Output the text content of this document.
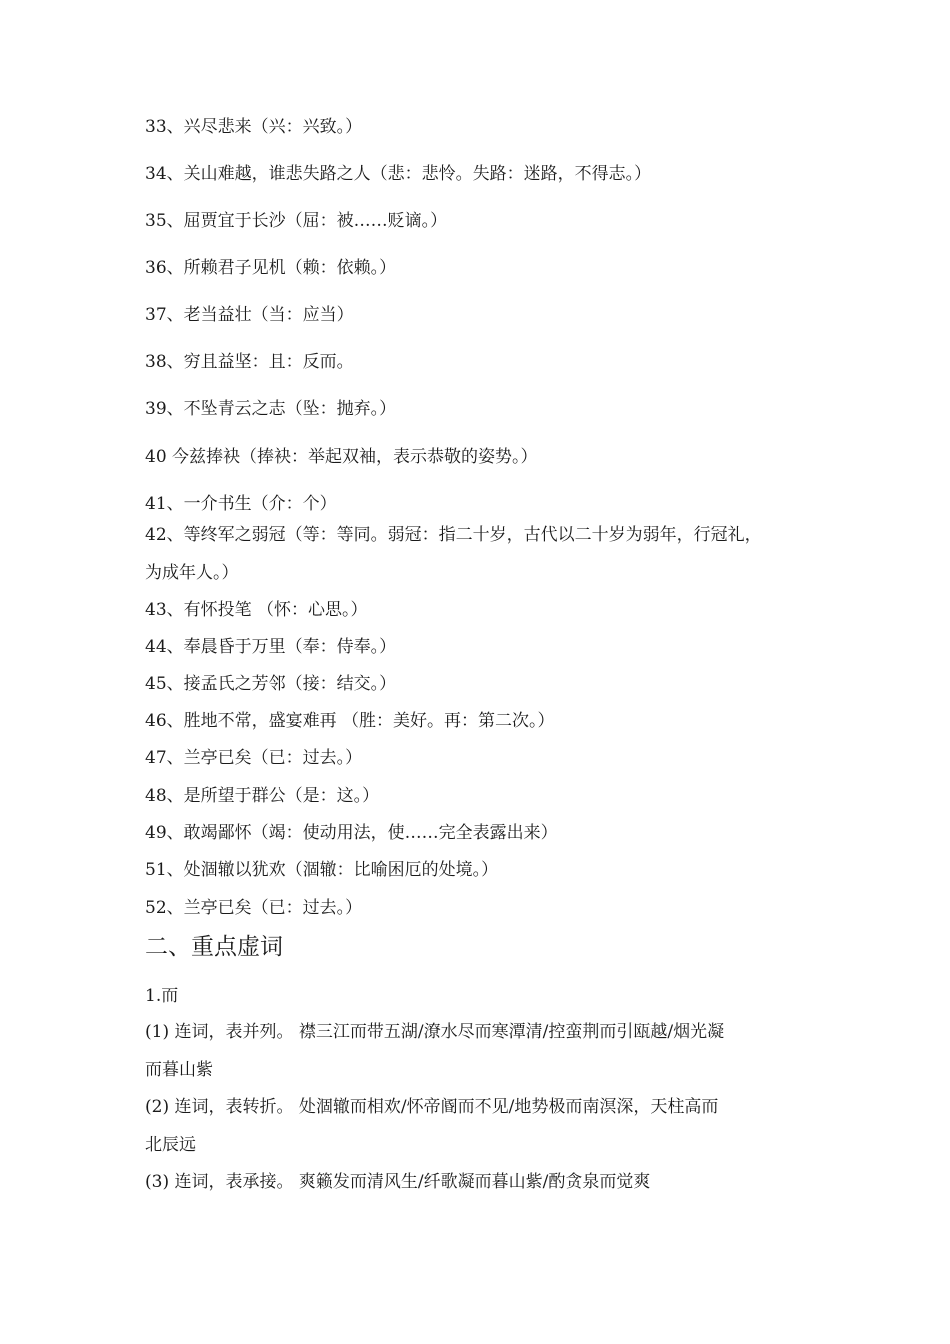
33、兴尽悲来（兴：兴致。）
34、关山难越，谁悲失路之人（悲：悲怜。失路：迷路，不得志。）
35、屈贾宜于长沙（屈：被……贬谪。）
36、所赖君子见机（赖：依赖。）
37、老当益壮（当：应当）
38、穷且益坚：且：反而。
39、不坠青云之志（坠：抛弃。）
40 今兹捧袂（捧袂：举起双袖，表示恭敬的姿势。）
41、一介书生（介：个）
42、等终军之弱冠（等：等同。弱冠：指二十岁，古代以二十岁为弱年，行冠礼，
为成年人。）
43、有怀投笔 （怀：心思。）
44、奉晨昏于万里（奉：侍奉。）
45、接孟氏之芳邻（接：结交。）
46、胜地不常，盛宴难再 （胜：美好。再：第二次。）
47、兰亭已矣（已：过去。）
48、是所望于群公（是：这。）
49、敢竭鄙怀（竭：使动用法，使……完全表露出来）
51、处涸辙以犹欢（涸辙：比喻困厄的处境。）
52、兰亭已矣（已：过去。）
二、重点虚词
1.而
(1) 连词，表并列。 襟三江而带五湖/潦水尽而寒潭清/控蛮荆而引瓯越/烟光凝
而暮山紫
(2) 连词，表转折。 处涸辙而相欢/怀帝阍而不见/地势极而南溟深，天柱高而
北辰远
(3) 连词，表承接。 爽籁发而清风生/纤歌凝而暮山紫/酌贪泉而觉爽
